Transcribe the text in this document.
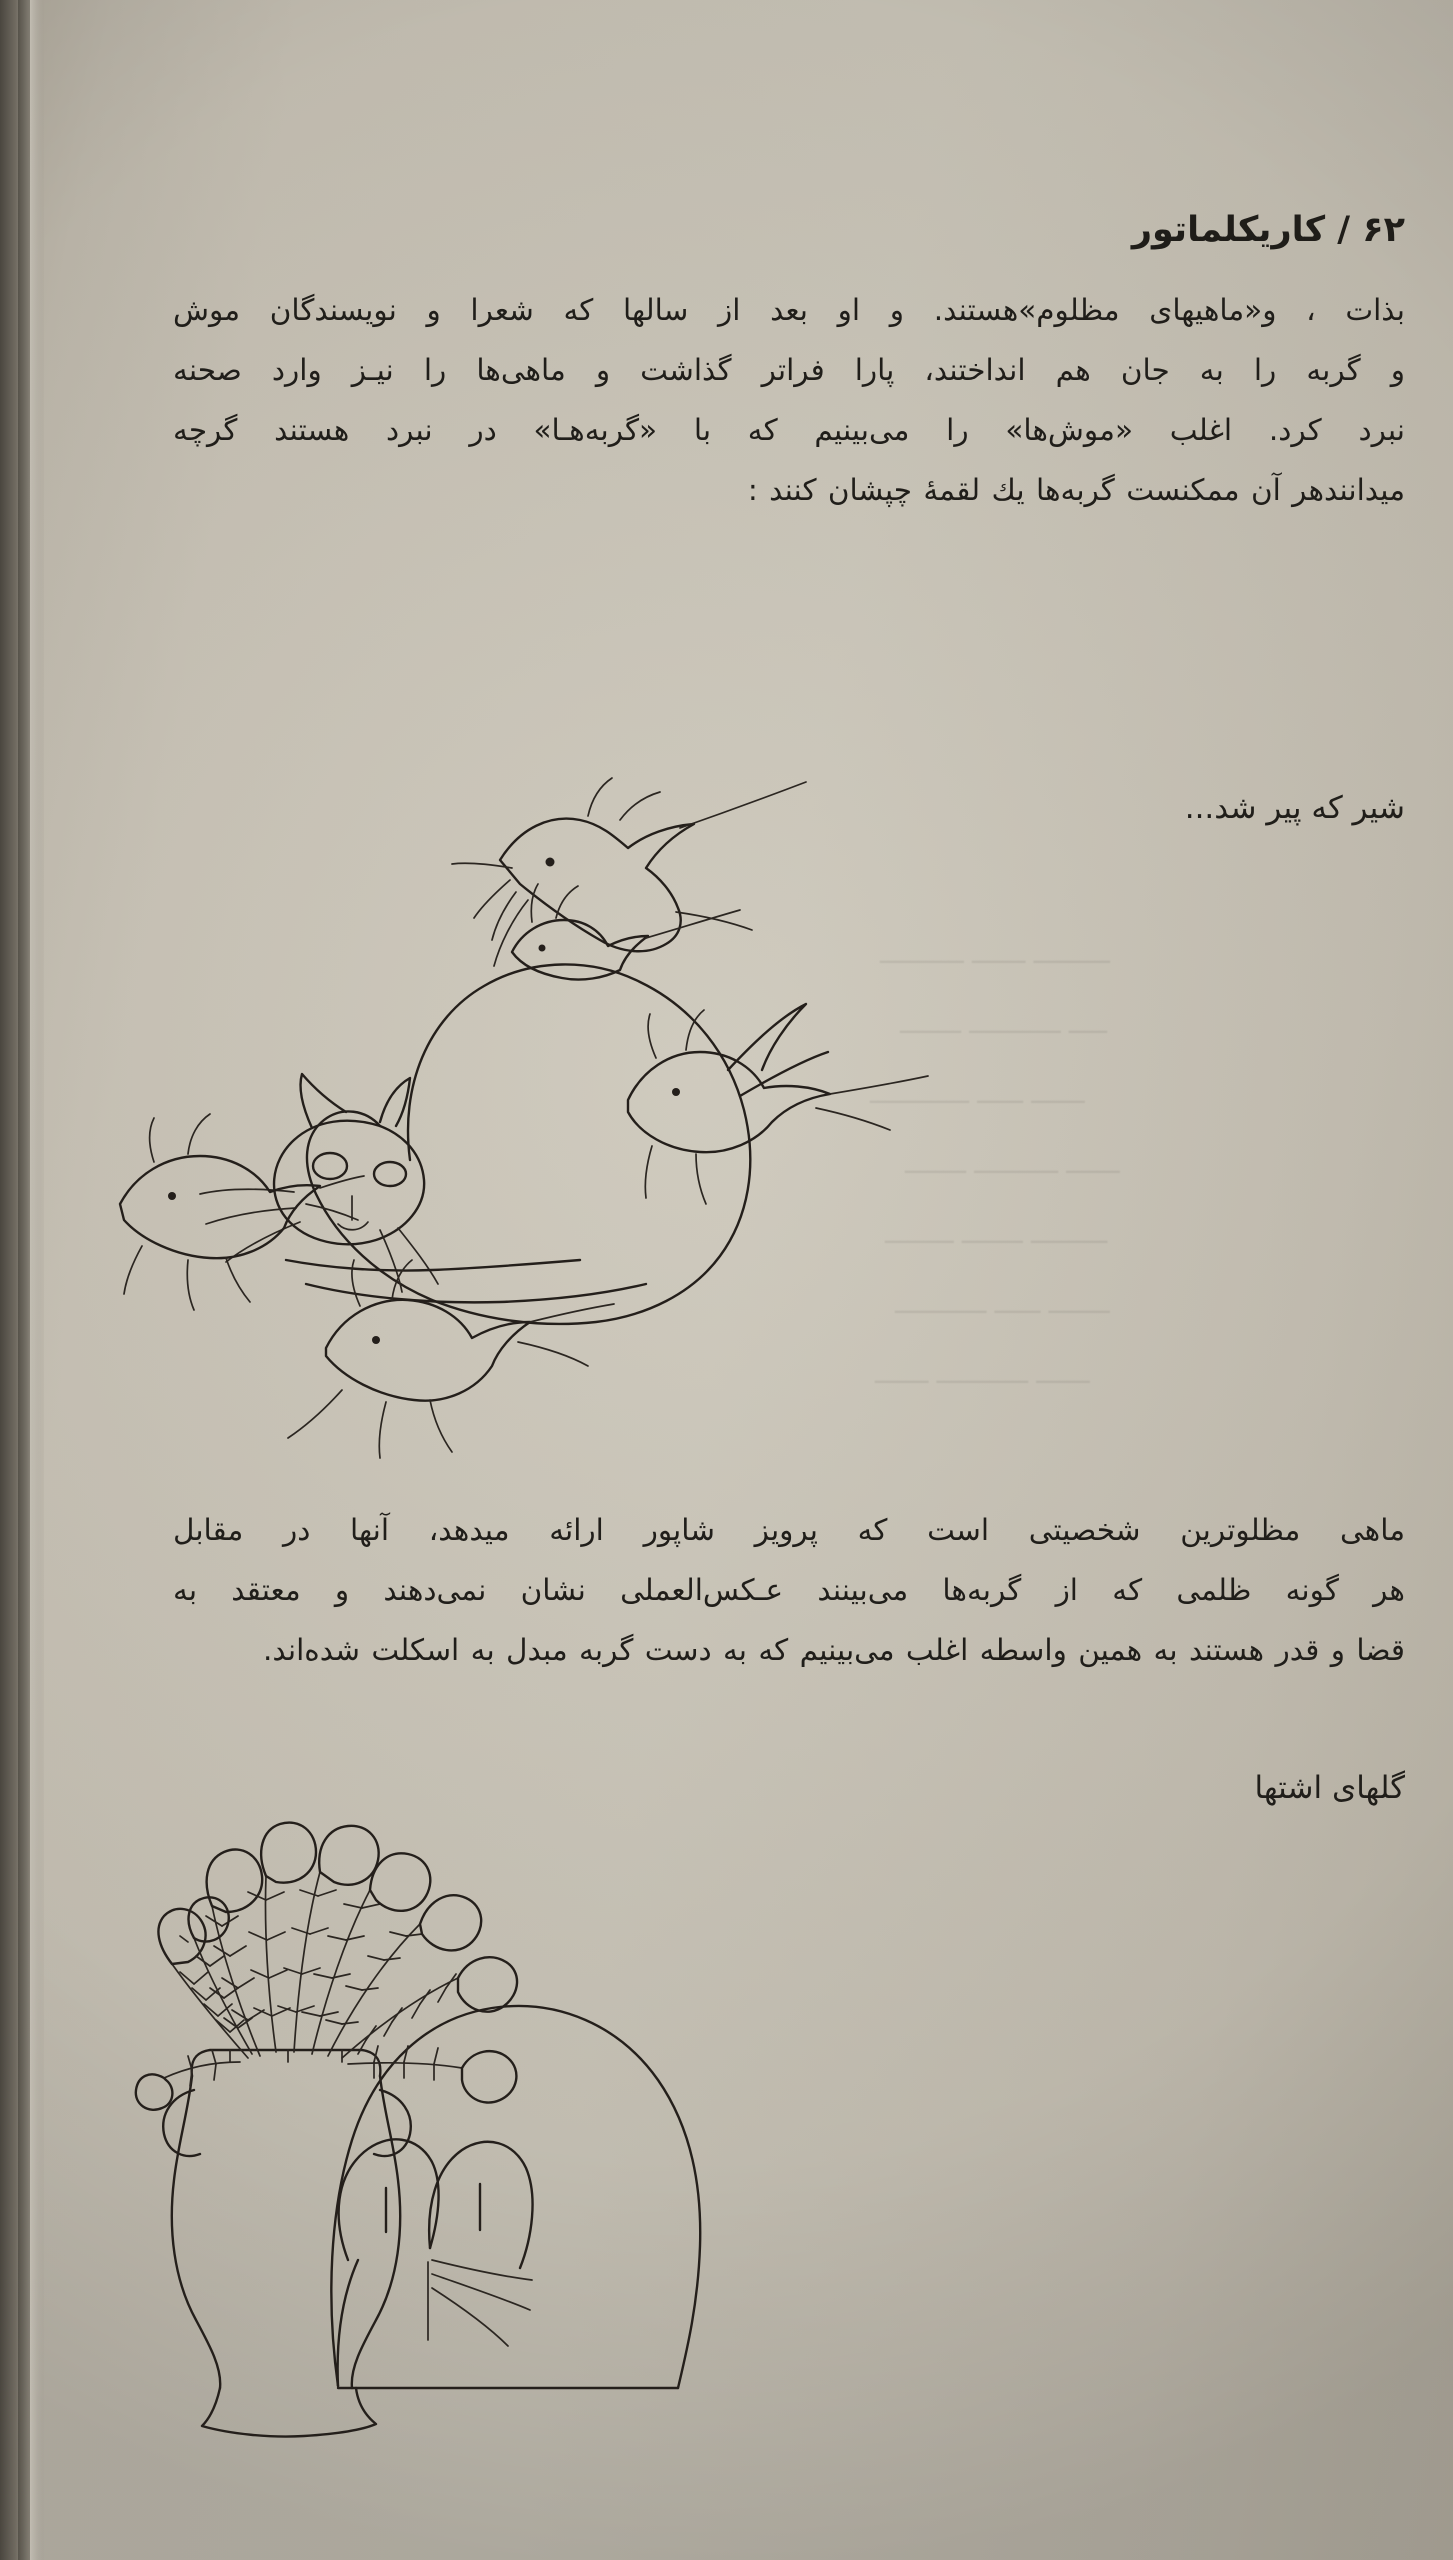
ـــــــــــ ـــــــ ــــــــــ
ــــــــ ــــــــــــ ـــــ
ـــــــــــــ ــــــ ـــــــ
ــــــــ ـــــــــــ ـــــــ
ـــــــــ ــــــــ ــــــــــ
ــــــــــــ ــــــ ــــــــ
ـــــــ ــــــــــــ ـــــــ
۶۲ / کاریکلماتور
بذات ، و«ماهیهای مظلوم»هستند. و او بعد از سالها که شعرا و نویسندگان موش
و گربه را به جان هم انداختند، پارا فراتر گذاشت و ماهی‌ها را نیـز وارد صحنه
نبرد کرد. اغلب «موش‌ها» را می‌بینیم که با «گربه‌هـا» در نبرد هستند گرچه
میدانندهر آن ممکنست گربه‌ها یك لقمهٔ چپشان کنند :
شیر که پیر شد...
ماهی مظلوترین شخصیتی است که پرویز شاپور ارائه میدهد، آنها در مقابل
هر گونه ظلمی که از گربه‌ها می‌بینند عـکس‌العملی نشان نمی‌دهند و معتقد به
قضا و قدر هستند به همین واسطه اغلب می‌بینیم که به دست گربه مبدل به اسکلت شده‌اند.
گلهای اشتها
